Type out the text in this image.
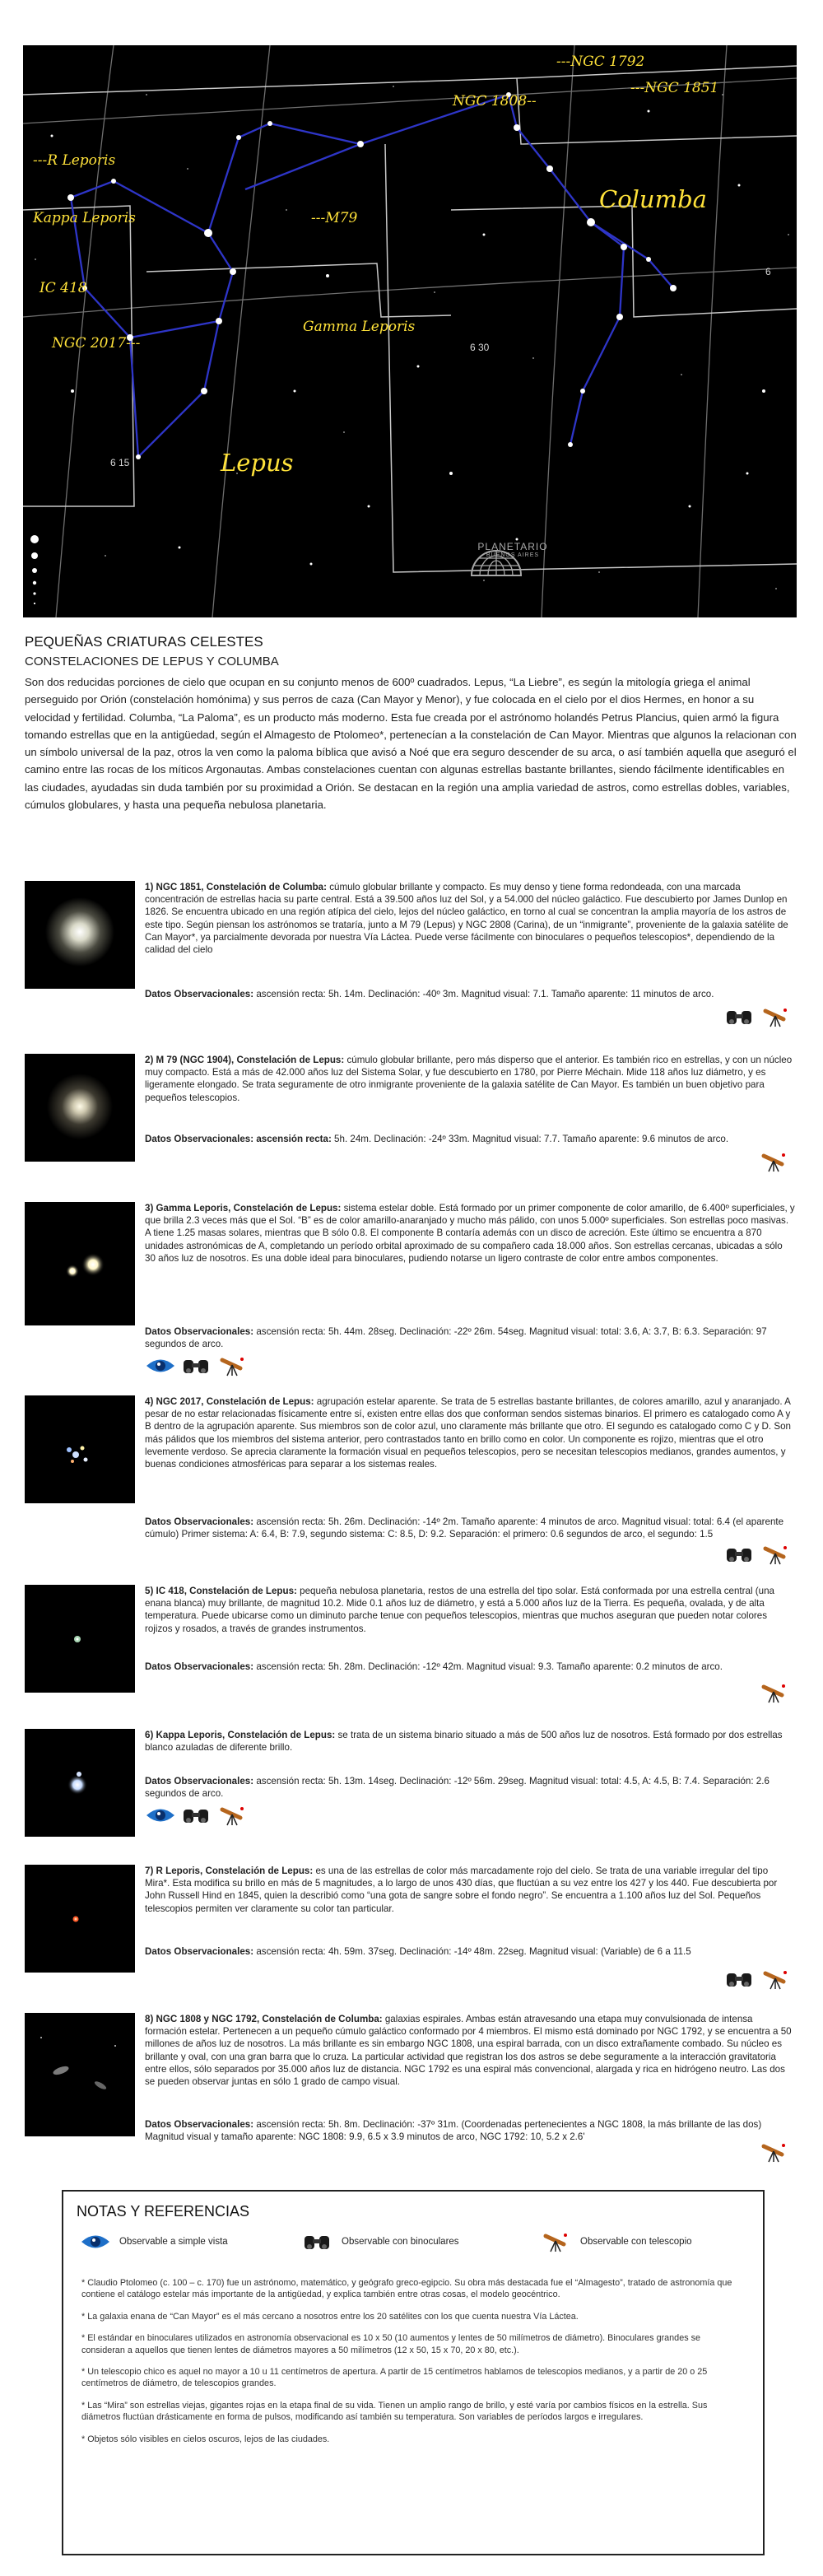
---NGC 1792
NGC 1808--
---NGC 1851
---R Leporis
Kappa Leporis	---M79
Columba
IC 418
NGC 2017---
Gamma Leporis
Lepus
6
6 30
6 15
PLANETARIO
BUENOS AIRES
PEQUEÑAS CRIATURAS CELESTES
CONSTELACIONES DE LEPUS Y COLUMBA

Son dos reducidas porciones de cielo que ocupan en su conjunto menos de 600º cuadrados. Lepus, “La Liebre”, es según la mitología griega el animal perseguido por Orión (constelación homónima) y sus perros de caza (Can Mayor y Menor), y fue colocada en el cielo por el dios Hermes, en honor a su velocidad y fertilidad. Columba, “La Paloma”, es un producto más moderno. Esta fue creada por el astrónomo holandés Petrus Plancius, quien armó la figura tomando estrellas que en la antigüedad, según el Almagesto de Ptolomeo*, pertenecían a la constelación de Can Mayor. Mientras que algunos la relacionan con un símbolo universal de la paz, otros la ven como la paloma bíblica que avisó a Noé que era seguro descender de su arca, o así también aquella que aseguró el camino entre las rocas de los míticos Argonautas. Ambas constelaciones cuentan con algunas estrellas bastante brillantes, siendo fácilmente identificables en las ciudades, ayudadas sin duda también por su proximidad a Orión. Se destacan en la región una amplia variedad de astros, como estrellas dobles, variables, cúmulos globulares, y hasta una pequeña nebulosa planetaria.

1) NGC 1851, Constelación de Columba: cúmulo globular brillante y compacto. Es muy denso y tiene forma redondeada, con una marcada concentración de estrellas hacia su parte central. Está a 39.500 años luz del Sol, y a 54.000 del núcleo galáctico. Fue descubierto por James Dunlop en 1826. Se encuentra ubicado en una región atípica del cielo, lejos del núcleo galáctico, en torno al cual se concentran la amplia mayoría de los astros de este tipo. Según piensan los astrónomos se trataría, junto a M 79 (Lepus) y NGC 2808 (Carina), de un “inmigrante”, proveniente de la galaxia satélite de Can Mayor*, ya parcialmente devorada por nuestra Vía Láctea. Puede verse fácilmente con binoculares o pequeños telescopios*, dependiendo de la calidad del cielo

Datos Observacionales: ascensión recta: 5h. 14m. Declinación: -40º 3m. Magnitud visual: 7.1. Tamaño aparente: 11 minutos de arco.

2) M 79 (NGC 1904), Constelación de Lepus: cúmulo globular brillante, pero más disperso que el anterior. Es también rico en estrellas, y con un núcleo muy compacto. Está a más de 42.000 años luz del Sistema Solar, y fue descubierto en 1780, por Pierre Méchain. Mide 118 años luz diámetro, y es ligeramente elongado. Se trata seguramente de otro inmigrante proveniente de la galaxia satélite de Can Mayor. Es también un buen objetivo para pequeños telescopios.

Datos Observacionales: ascensión recta: 5h. 24m. Declinación: -24º 33m. Magnitud visual: 7.7. Tamaño aparente: 9.6 minutos de arco.

3) Gamma Leporis, Constelación de Lepus: sistema estelar doble. Está formado por un primer componente de color amarillo, de 6.400º superficiales, y que brilla 2.3 veces más que el Sol. “B” es de color amarillo-anaranjado y mucho más pálido, con unos 5.000º superficiales. Son estrellas poco masivas. A tiene 1.25 masas solares, mientras que B sólo 0.8. El componente B contaría además con un disco de acreción. Este último se encuentra a 870 unidades astronómicas de A, completando un período orbital aproximado de su compañero cada 18.000 años. Son estrellas cercanas, ubicadas a sólo 30 años luz de nosotros. Es una doble ideal para binoculares, pudiendo notarse un ligero contraste de color entre ambos componentes.

Datos Observacionales: ascensión recta: 5h. 44m. 28seg. Declinación: -22º 26m. 54seg. Magnitud visual: total: 3.6, A: 3.7, B: 6.3. Separación: 97 segundos de arco.

4) NGC 2017, Constelación de Lepus: agrupación estelar aparente. Se trata de 5 estrellas bastante brillantes, de colores amarillo, azul y anaranjado. A pesar de no estar relacionadas físicamente entre sí, existen entre ellas dos que conforman sendos sistemas binarios. El primero es catalogado como A y B dentro de la agrupación aparente. Sus miembros son de color azul, uno claramente más brillante que otro. El segundo es catalogado como C y D. Son más pálidos que los miembros del sistema anterior, pero contrastados tanto en brillo como en color. Un componente es rojizo, mientras que el otro levemente verdoso. Se aprecia claramente la formación visual en pequeños telescopios, pero se necesitan telescopios medianos, grandes aumentos, y buenas condiciones atmosféricas para separar a los sistemas reales.

Datos Observacionales: ascensión recta: 5h. 26m. Declinación: -14º 2m. Tamaño aparente: 4 minutos de arco. Magnitud visual: total: 6.4 (el aparente cúmulo) Primer sistema: A: 6.4, B: 7.9, segundo sistema: C: 8.5, D: 9.2. Separación: el primero: 0.6 segundos de arco, el segundo: 1.5

5) IC 418, Constelación de Lepus: pequeña nebulosa planetaria, restos de una estrella del tipo solar. Está conformada por una estrella central (una enana blanca) muy brillante, de magnitud 10.2. Mide 0.1 años luz de diámetro, y está a 5.000 años luz de la Tierra. Es pequeña, ovalada, y de alta temperatura. Puede ubicarse como un diminuto parche tenue con pequeños telescopios, mientras que muchos aseguran que pueden notar colores rojizos y rosados, a través de grandes instrumentos.

Datos Observacionales: ascensión recta: 5h. 28m. Declinación: -12º 42m. Magnitud visual: 9.3. Tamaño aparente: 0.2 minutos de arco.

6) Kappa Leporis, Constelación de Lepus: se trata de un sistema binario situado a más de 500 años luz de nosotros. Está formado por dos estrellas blanco azuladas de diferente brillo.

Datos Observacionales: ascensión recta: 5h. 13m. 14seg. Declinación: -12º 56m. 29seg. Magnitud visual: total: 4.5, A: 4.5, B: 7.4. Separación: 2.6 segundos de arco.

7) R Leporis, Constelación de Lepus: es una de las estrellas de color más marcadamente rojo del cielo. Se trata de una variable irregular del tipo Mira*. Esta modifica su brillo en más de 5 magnitudes, a lo largo de unos 430 días, que fluctúan a su vez entre los 427 y los 440. Fue descubierta por John Russell Hind en 1845, quien la describió como “una gota de sangre sobre el fondo negro”. Se encuentra a 1.100 años luz del Sol. Pequeños telescopios permiten ver claramente su color tan particular.

Datos Observacionales: ascensión recta: 4h. 59m. 37seg. Declinación: -14º 48m. 22seg. Magnitud visual: (Variable) de 6 a 11.5

8) NGC 1808 y NGC 1792, Constelación de Columba: galaxias espirales. Ambas están atravesando una etapa muy convulsionada de intensa formación estelar. Pertenecen a un pequeño cúmulo galáctico conformado por 4 miembros. El mismo está dominado por NGC 1792, y se encuentra a 50 millones de años luz de nosotros. La más brillante es sin embargo NGC 1808, una espiral barrada, con un disco extrañamente combado. Su núcleo es brillante y oval, con una gran barra que lo cruza. La particular actividad que registran los dos astros se debe seguramente a la interacción gravitatoria entre ellos, sólo separados por 35.000 años luz de distancia. NGC 1792 es una espiral más convencional, alargada y rica en hidrógeno neutro. Las dos se pueden observar juntas en sólo 1 grado de campo visual.

Datos Observacionales: ascensión recta: 5h. 8m. Declinación: -37º 31m. (Coordenadas pertenecientes a NGC 1808, la más brillante de las dos) Magnitud visual y tamaño aparente: NGC 1808: 9.9, 6.5 x 3.9 minutos de arco, NGC 1792: 10, 5.2 x 2.6'

NOTAS Y REFERENCIAS
Observable a simple vista	Observable con binoculares	Observable con telescopio

* Claudio Ptolomeo (c. 100 – c. 170) fue un astrónomo, matemático, y geógrafo greco-egipcio. Su obra más destacada fue el “Almagesto”, tratado de astronomía que contiene el catálogo estelar más importante de la antigüedad, y explica también entre otras cosas, el modelo geocéntrico.

* La galaxia enana de “Can Mayor” es el más cercano a nosotros entre los 20 satélites con los que cuenta nuestra Vía Láctea.

* El estándar en binoculares utilizados en astronomía observacional es 10 x 50 (10 aumentos y lentes de 50 milímetros de diámetro). Binoculares grandes se consideran a aquellos que tienen lentes de diámetros mayores a 50 milímetros (12 x 50, 15 x 70, 20 x 80, etc.).

* Un telescopio chico es aquel no mayor a 10 u 11 centímetros de apertura. A partir de 15 centímetros hablamos de telescopios medianos, y a partir de 20 o 25 centímetros de diámetro, de telescopios grandes.

* Las “Mira” son estrellas viejas, gigantes rojas en la etapa final de su vida. Tienen un amplio rango de brillo, y esté varía por cambios físicos en la estrella. Sus diámetros fluctúan drásticamente en forma de pulsos, modificando así también su temperatura. Son variables de períodos largos e irregulares.

* Objetos sólo visibles en cielos oscuros, lejos de las ciudades.
